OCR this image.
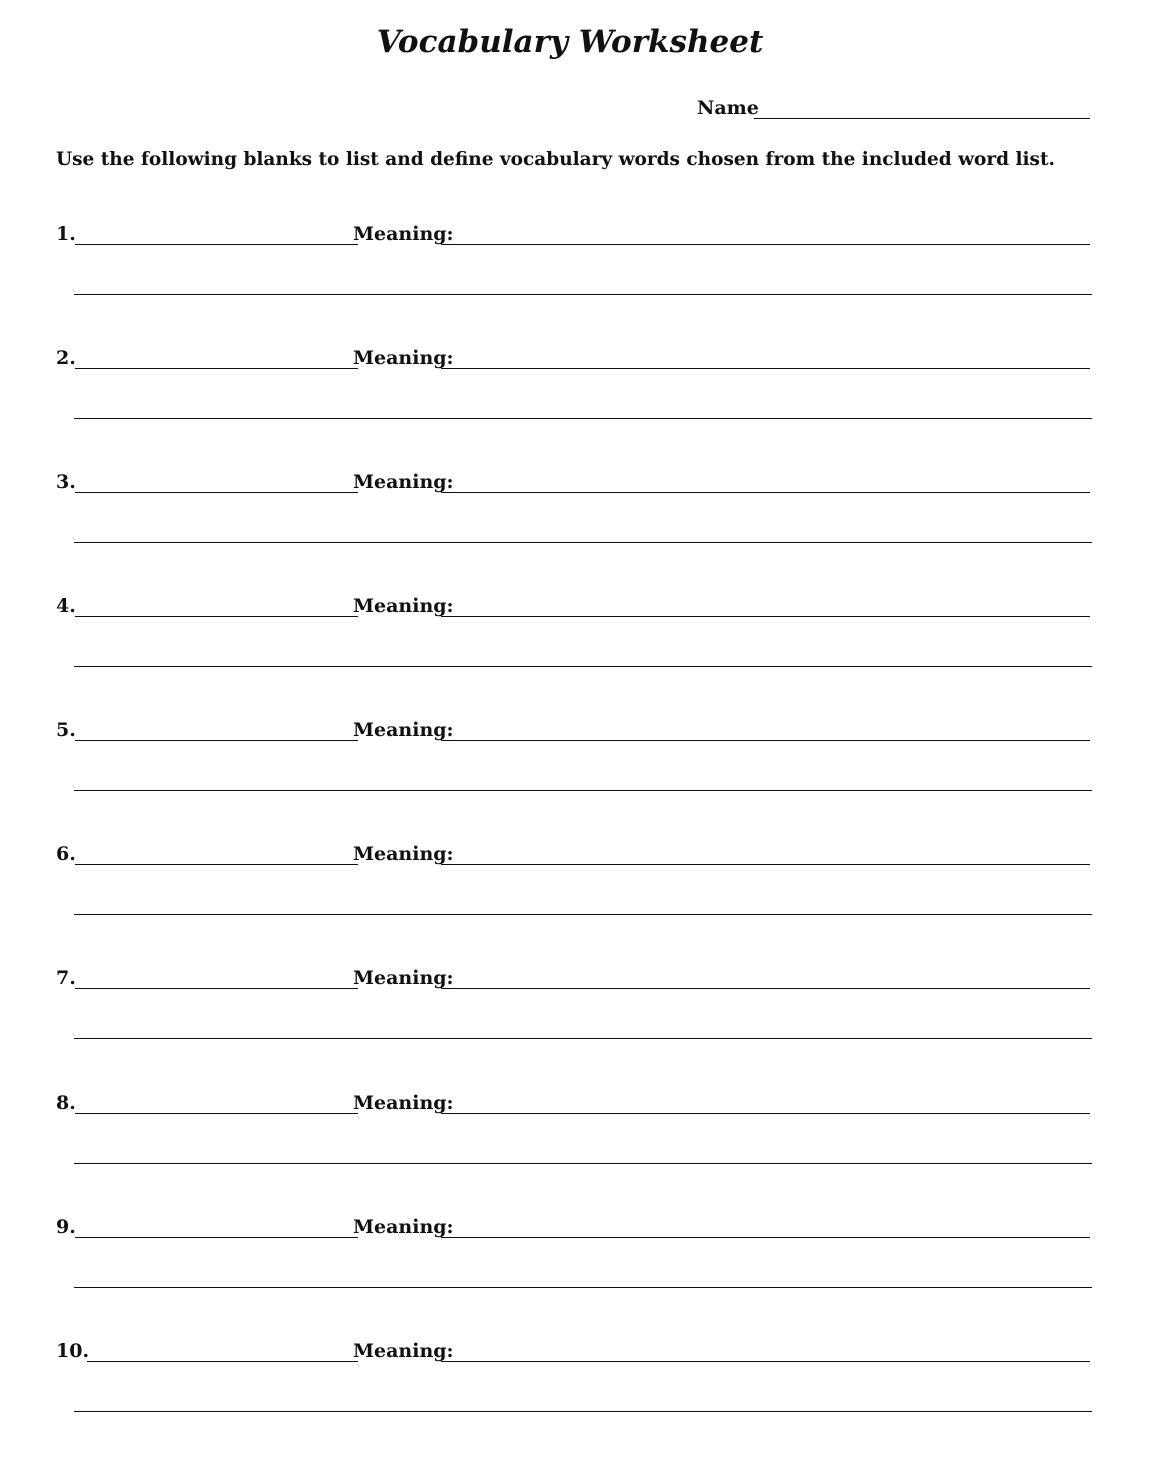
Vocabulary Worksheet
Name
Use the following blanks to list and define vocabulary words chosen from the included word list.
1.	Meaning:
2.	Meaning:
3.	Meaning:
4.	Meaning:
5.	Meaning:
6.	Meaning:
7.	Meaning:
8.	Meaning:
9.	Meaning:
10.	Meaning:
